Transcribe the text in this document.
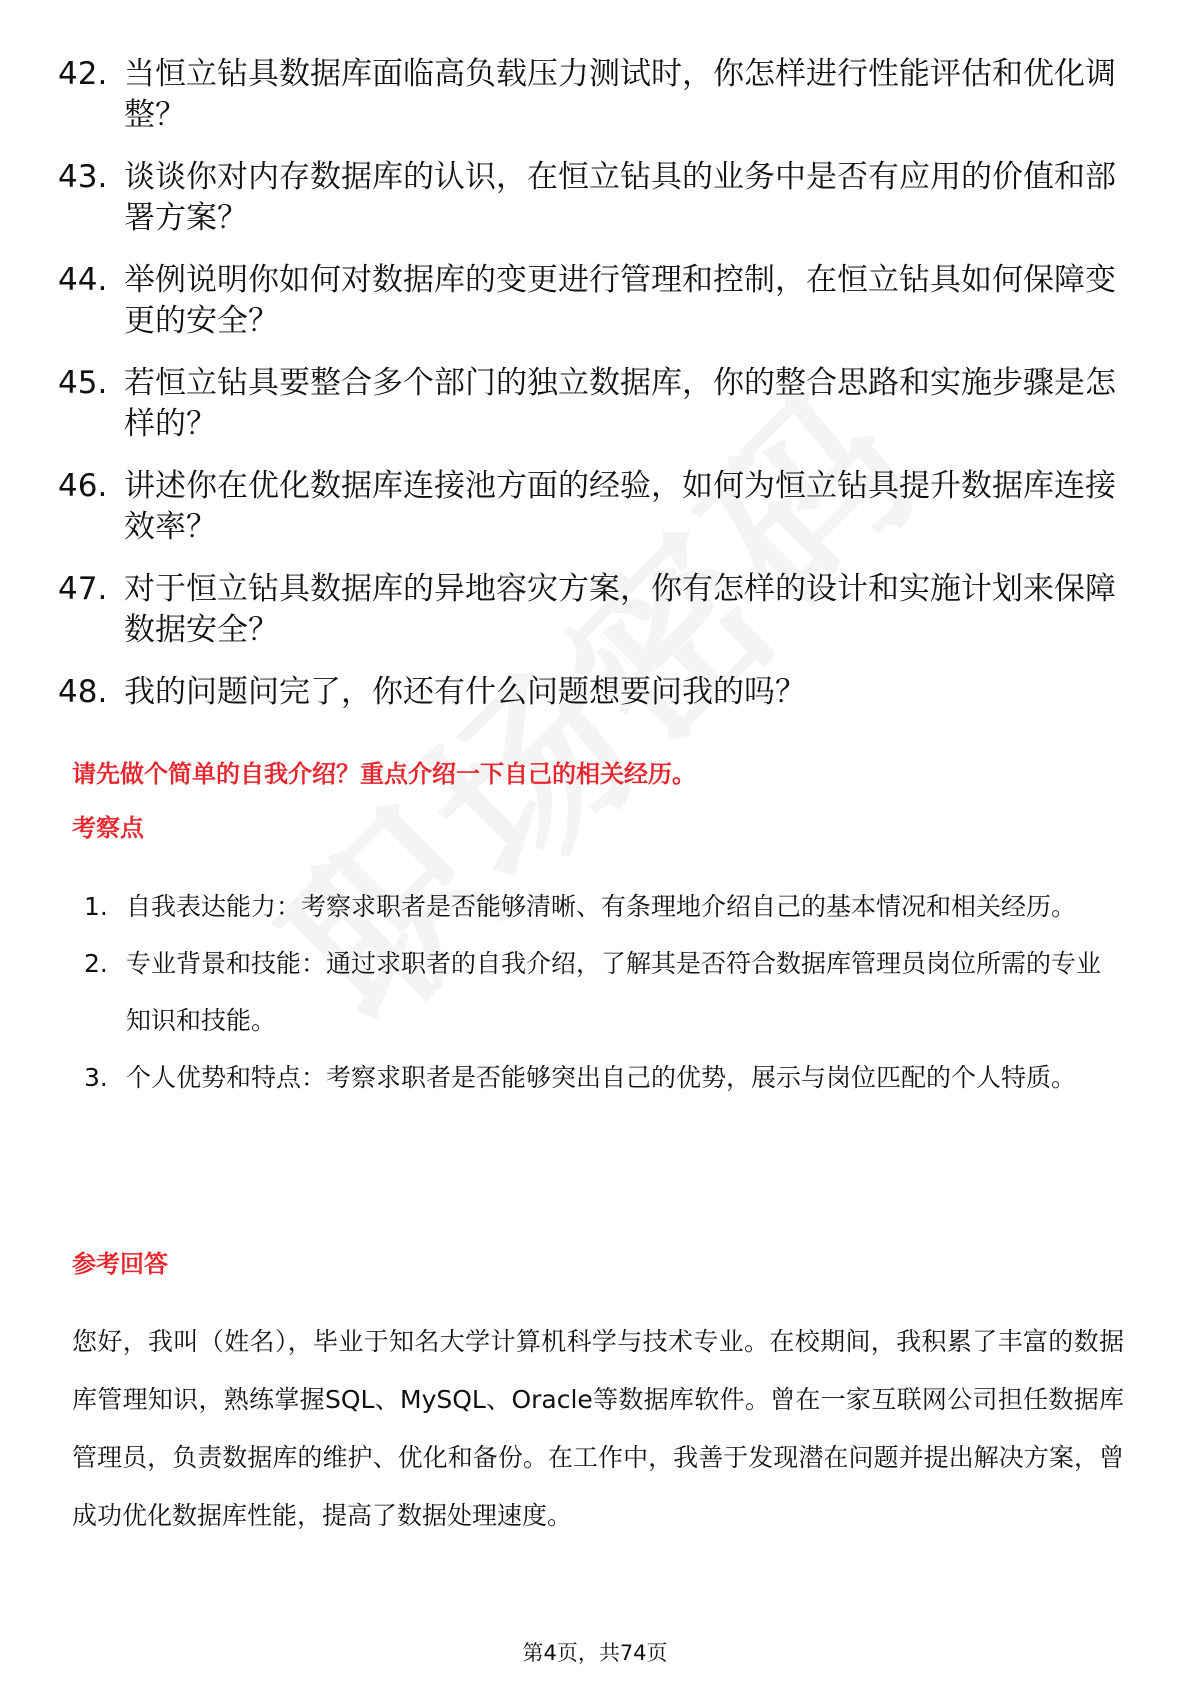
42. 当恒立钻具数据库面临高负载压力测试时，你怎样进行性能评估和优化调整？
43. 谈谈你对内存数据库的认识，在恒立钻具的业务中是否有应用的价值和部署方案？
44. 举例说明你如何对数据库的变更进行管理和控制，在恒立钻具如何保障变更的安全？
45. 若恒立钻具要整合多个部门的独立数据库，你的整合思路和实施步骤是怎样的？
46. 讲述你在优化数据库连接池方面的经验，如何为恒立钻具提升数据库连接效率？
47. 对于恒立钻具数据库的异地容灾方案，你有怎样的设计和实施计划来保障数据安全？
48. 我的问题问完了，你还有什么问题想要问我的吗？
请先做个简单的自我介绍？重点介绍一下自己的相关经历。
考察点
1. 自我表达能力：考察求职者是否能够清晰、有条理地介绍自己的基本情况和相关经历。
2. 专业背景和技能：通过求职者的自我介绍，了解其是否符合数据库管理员岗位所需的专业知识和技能。
3. 个人优势和特点：考察求职者是否能够突出自己的优势，展示与岗位匹配的个人特质。
参考回答
您好，我叫（姓名），毕业于知名大学计算机科学与技术专业。在校期间，我积累了丰富的数据库管理知识，熟练掌握SQL、MySQL、Oracle等数据库软件。曾在一家互联网公司担任数据库管理员，负责数据库的维护、优化和备份。在工作中，我善于发现潜在问题并提出解决方案，曾成功优化数据库性能，提高了数据处理速度。
第4页，共74页
